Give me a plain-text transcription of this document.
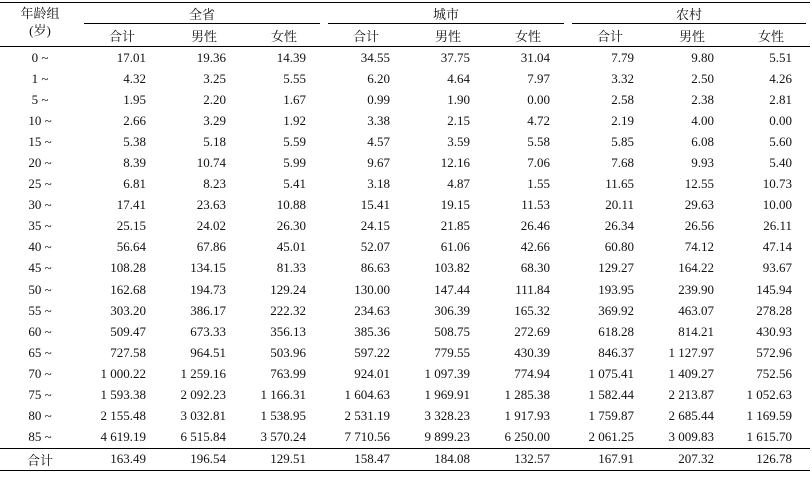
年龄组
(岁)	全省			城市			农村		

	合计	男性	女性	合计	男性	女性	合计	男性	女性
0 ~	17.01	19.36	14.39	34.55	37.75	31.04	7.79	9.80	5.51
1 ~	4.32	3.25	5.55	6.20	4.64	7.97	3.32	2.50	4.26
5 ~	1.95	2.20	1.67	0.99	1.90	0.00	2.58	2.38	2.81
10 ~	2.66	3.29	1.92	3.38	2.15	4.72	2.19	4.00	0.00
15 ~	5.38	5.18	5.59	4.57	3.59	5.58	5.85	6.08	5.60
20 ~	8.39	10.74	5.99	9.67	12.16	7.06	7.68	9.93	5.40
25 ~	6.81	8.23	5.41	3.18	4.87	1.55	11.65	12.55	10.73
30 ~	17.41	23.63	10.88	15.41	19.15	11.53	20.11	29.63	10.00
35 ~	25.15	24.02	26.30	24.15	21.85	26.46	26.34	26.56	26.11
40 ~	56.64	67.86	45.01	52.07	61.06	42.66	60.80	74.12	47.14
45 ~	108.28	134.15	81.33	86.63	103.82	68.30	129.27	164.22	93.67
50 ~	162.68	194.73	129.24	130.00	147.44	111.84	193.95	239.90	145.94
55 ~	303.20	386.17	222.32	234.63	306.39	165.32	369.92	463.07	278.28
60 ~	509.47	673.33	356.13	385.36	508.75	272.69	618.28	814.21	430.93
65 ~	727.58	964.51	503.96	597.22	779.55	430.39	846.37	1 127.97	572.96
70 ~	1 000.22	1 259.16	763.99	924.01	1 097.39	774.94	1 075.41	1 409.27	752.56
75 ~	1 593.38	2 092.23	1 166.31	1 604.63	1 969.91	1 285.38	1 582.44	2 213.87	1 052.63
80 ~	2 155.48	3 032.81	1 538.95	2 531.19	3 328.23	1 917.93	1 759.87	2 685.44	1 169.59
85 ~	4 619.19	6 515.84	3 570.24	7 710.56	9 899.23	6 250.00	2 061.25	3 009.83	1 615.70
合计	163.49	196.54	129.51	158.47	184.08	132.57	167.91	207.32	126.78
